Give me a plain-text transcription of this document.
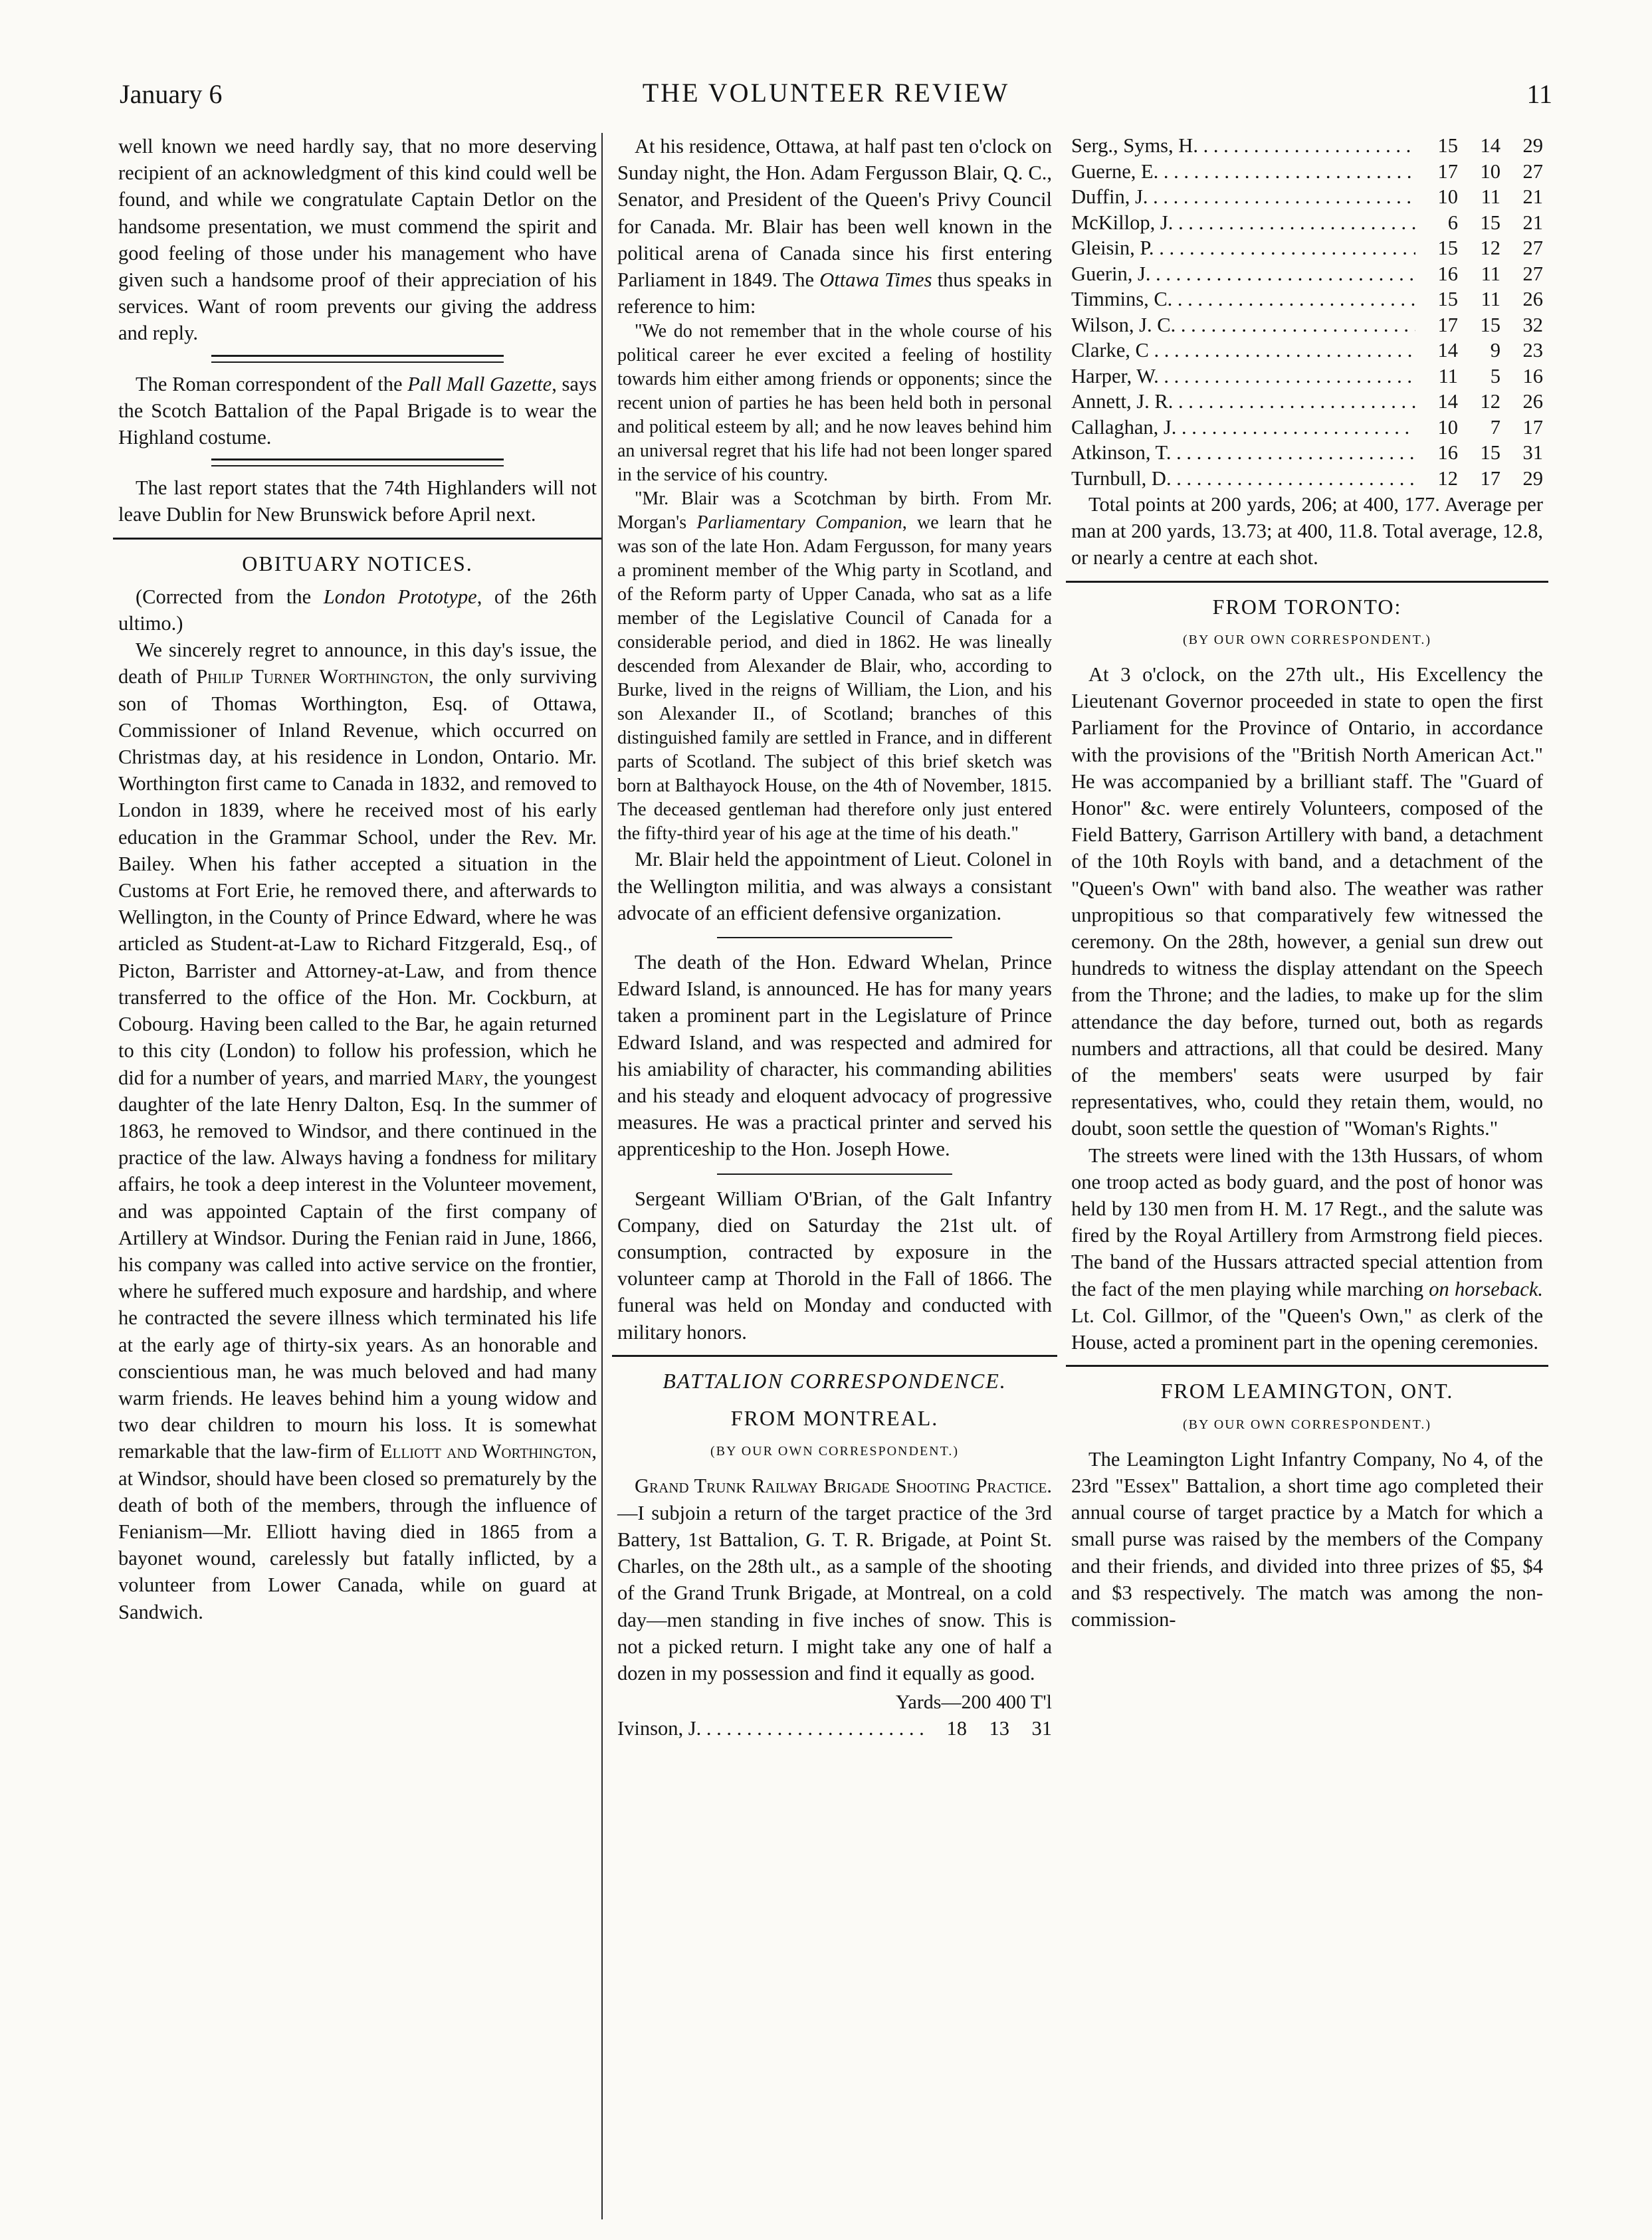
January 6	THE VOLUNTEER REVIEW	11

well known we need hardly say, that no more deserving recipient of an acknowledgment of this kind could well be found, and while we congratulate Captain Detlor on the handsome presentation, we must commend the spirit and good feeling of those under his management who have given such a handsome proof of their appreciation of his services. Want of room prevents our giving the address and reply.

The Roman correspondent of the Pall Mall Gazette, says the Scotch Battalion of the Papal Brigade is to wear the Highland costume.

The last report states that the 74th Highlanders will not leave Dublin for New Brunswick before April next.

OBITUARY NOTICES.

(Corrected from the London Prototype, of the 26th ultimo.)

We sincerely regret to announce, in this day's issue, the death of Philip Turner Worthington, the only surviving son of Thomas Worthington, Esq. of Ottawa, Commissioner of Inland Revenue, which occurred on Christmas day, at his residence in London, Ontario. Mr. Worthington first came to Canada in 1832, and removed to London in 1839, where he received most of his early education in the Grammar School, under the Rev. Mr. Bailey. When his father accepted a situation in the Customs at Fort Erie, he removed there, and afterwards to Wellington, in the County of Prince Edward, where he was articled as Student-at-Law to Richard Fitzgerald, Esq., of Picton, Barrister and Attorney-at-Law, and from thence transferred to the office of the Hon. Mr. Cockburn, at Cobourg. Having been called to the Bar, he again returned to this city (London) to follow his profession, which he did for a number of years, and married Mary, the youngest daughter of the late Henry Dalton, Esq. In the summer of 1863, he removed to Windsor, and there continued in the practice of the law. Always having a fondness for military affairs, he took a deep interest in the Volunteer movement, and was appointed Captain of the first company of Artillery at Windsor. During the Fenian raid in June, 1866, his company was called into active service on the frontier, where he suffered much exposure and hardship, and where he contracted the severe illness which terminated his life at the early age of thirty-six years. As an honorable and conscientious man, he was much beloved and had many warm friends. He leaves behind him a young widow and two dear children to mourn his loss. It is somewhat remarkable that the law-firm of Elliott and Worthington, at Windsor, should have been closed so prematurely by the death of both of the members, through the influence of Fenianism—Mr. Elliott having died in 1865 from a bayonet wound, carelessly but fatally inflicted, by a volunteer from Lower Canada, while on guard at Sandwich.

At his residence, Ottawa, at half past ten o'clock on Sunday night, the Hon. Adam Fergusson Blair, Q. C., Senator, and President of the Queen's Privy Council for Canada. Mr. Blair has been well known in the political arena of Canada since his first entering Parliament in 1849. The Ottawa Times thus speaks in reference to him:

"We do not remember that in the whole course of his political career he ever excited a feeling of hostility towards him either among friends or opponents; since the recent union of parties he has been held both in personal and political esteem by all; and he now leaves behind him an universal regret that his life had not been longer spared in the service of his country.

"Mr. Blair was a Scotchman by birth. From Mr. Morgan's Parliamentary Companion, we learn that he was son of the late Hon. Adam Fergusson, for many years a prominent member of the Whig party in Scotland, and of the Reform party of Upper Canada, who sat as a life member of the Legislative Council of Canada for a considerable period, and died in 1862. He was lineally descended from Alexander de Blair, who, according to Burke, lived in the reigns of William, the Lion, and his son Alexander II., of Scotland; branches of this distinguished family are settled in France, and in different parts of Scotland. The subject of this brief sketch was born at Balthayock House, on the 4th of November, 1815. The deceased gentleman had therefore only just entered the fifty-third year of his age at the time of his death."

Mr. Blair held the appointment of Lieut. Colonel in the Wellington militia, and was always a consistant advocate of an efficient defensive organization.

The death of the Hon. Edward Whelan, Prince Edward Island, is announced. He has for many years taken a prominent part in the Legislature of Prince Edward Island, and was respected and admired for his amiability of character, his commanding abilities and his steady and eloquent advocacy of progressive measures. He was a practical printer and served his apprenticeship to the Hon. Joseph Howe.

Sergeant William O'Brian, of the Galt Infantry Company, died on Saturday the 21st ult. of consumption, contracted by exposure in the volunteer camp at Thorold in the Fall of 1866. The funeral was held on Monday and conducted with military honors.

BATTALION CORRESPONDENCE.
FROM MONTREAL.
(BY OUR OWN CORRESPONDENT.)

Grand Trunk Railway Brigade Shooting Practice.—I subjoin a return of the target practice of the 3rd Battery, 1st Battalion, G. T. R. Brigade, at Point St. Charles, on the 28th ult., as a sample of the shooting of the Grand Trunk Brigade, at Montreal, on a cold day—men standing in five inches of snow. This is not a picked return. I might take any one of half a dozen in my possession and find it equally as good.

Yards—200 400 T'l
Ivinson, J. . . .	18	13	31
Serg., Syms, H. . . .	15	14	29
Guerne, E. . . .	17	10	27
Duffin, J. . . .	10	11	21
McKillop, J. . . .	6	15	21
Gleisin, P. . . .	15	12	27
Guerin, J. . . .	16	11	27
Timmins, C. . . .	15	11	26
Wilson, J. C. . . .	17	15	32
Clarke, C . . .	14	9	23
Harper, W. . . .	11	5	16
Annett, J. R. . . .	14	12	26
Callaghan, J. . . .	10	7	17
Atkinson, T. . . .	16	15	31
Turnbull, D. . . .	12	17	29

Total points at 200 yards, 206; at 400, 177. Average per man at 200 yards, 13.73; at 400, 11.8. Total average, 12.8, or nearly a centre at each shot.

FROM TORONTO:
(BY OUR OWN CORRESPONDENT.)

At 3 o'clock, on the 27th ult., His Excellency the Lieutenant Governor proceeded in state to open the first Parliament for the Province of Ontario, in accordance with the provisions of the "British North American Act." He was accompanied by a brilliant staff. The "Guard of Honor" &c. were entirely Volunteers, composed of the Field Battery, Garrison Artillery with band, a detachment of the 10th Royls with band, and a detachment of the "Queen's Own" with band also. The weather was rather unpropitious so that comparatively few witnessed the ceremony. On the 28th, however, a genial sun drew out hundreds to witness the display attendant on the Speech from the Throne; and the ladies, to make up for the slim attendance the day before, turned out, both as regards numbers and attractions, all that could be desired. Many of the members' seats were usurped by fair representatives, who, could they retain them, would, no doubt, soon settle the question of "Woman's Rights."

The streets were lined with the 13th Hussars, of whom one troop acted as body guard, and the post of honor was held by 130 men from H. M. 17 Regt., and the salute was fired by the Royal Artillery from Armstrong field pieces. The band of the Hussars attracted special attention from the fact of the men playing while marching on horseback. Lt. Col. Gillmor, of the "Queen's Own," as clerk of the House, acted a prominent part in the opening ceremonies.

FROM LEAMINGTON, ONT.
(BY OUR OWN CORRESPONDENT.)

The Leamington Light Infantry Company, No 4, of the 23rd "Essex" Battalion, a short time ago completed their annual course of target practice by a Match for which a small purse was raised by the members of the Company and their friends, and divided into three prizes of $5, $4 and $3 respectively. The match was among the non-commission-
